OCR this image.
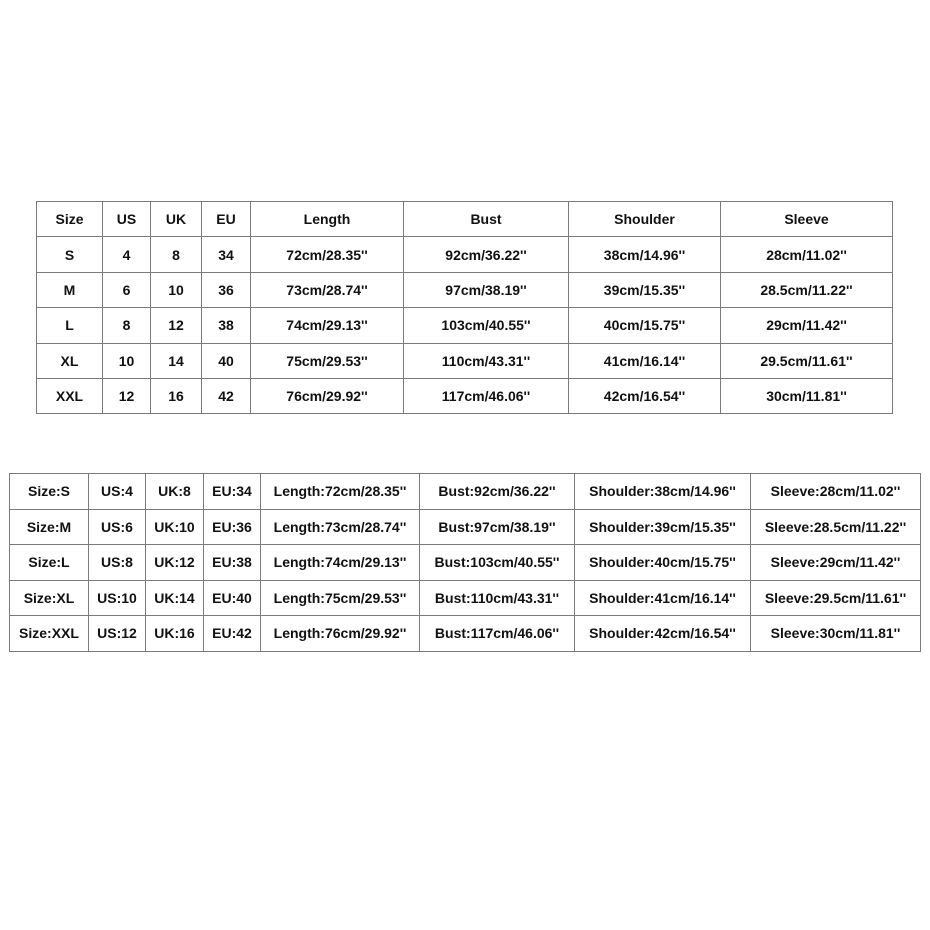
Size	US	UK	EU	Length	Bust	Shoulder	Sleeve
S	4	8	34	72cm/28.35''	92cm/36.22''	38cm/14.96''	28cm/11.02''
M	6	10	36	73cm/28.74''	97cm/38.19''	39cm/15.35''	28.5cm/11.22''
L	8	12	38	74cm/29.13''	103cm/40.55''	40cm/15.75''	29cm/11.42''
XL	10	14	40	75cm/29.53''	110cm/43.31''	41cm/16.14''	29.5cm/11.61''
XXL	12	16	42	76cm/29.92''	117cm/46.06''	42cm/16.54''	30cm/11.81''
Size:S	US:4	UK:8	EU:34	Length:72cm/28.35''	Bust:92cm/36.22''	Shoulder:38cm/14.96''	Sleeve:28cm/11.02''
Size:M	US:6	UK:10	EU:36	Length:73cm/28.74''	Bust:97cm/38.19''	Shoulder:39cm/15.35''	Sleeve:28.5cm/11.22''
Size:L	US:8	UK:12	EU:38	Length:74cm/29.13''	Bust:103cm/40.55''	Shoulder:40cm/15.75''	Sleeve:29cm/11.42''
Size:XL	US:10	UK:14	EU:40	Length:75cm/29.53''	Bust:110cm/43.31''	Shoulder:41cm/16.14''	Sleeve:29.5cm/11.61''
Size:XXL	US:12	UK:16	EU:42	Length:76cm/29.92''	Bust:117cm/46.06''	Shoulder:42cm/16.54''	Sleeve:30cm/11.81''
